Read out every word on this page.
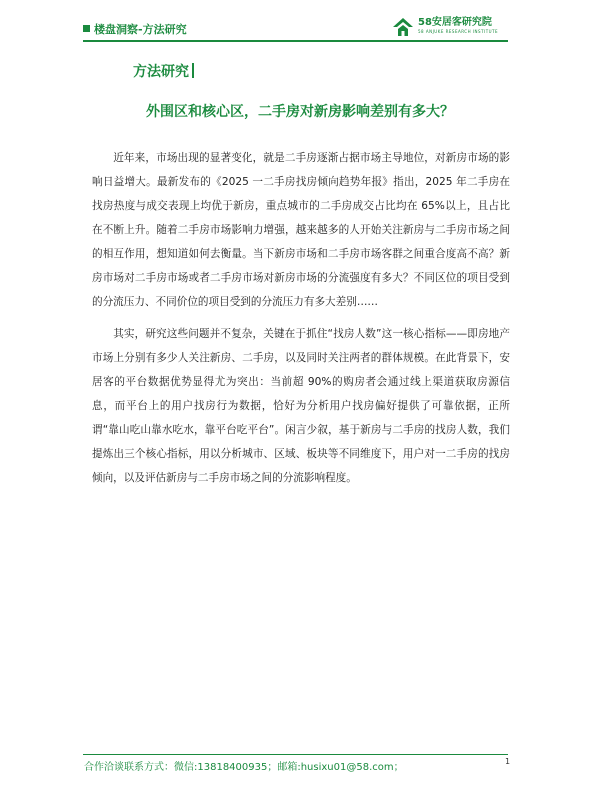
楼盘洞察-方法研究
58安居客研究院
58 ANJUKE RESEARCH INSTITUTE
方法研究
外围区和核心区，二手房对新房影响差别有多大？

近年来，市场出现的显著变化，就是二手房逐渐占据市场主导地位，对新房市场的影响日益增大。最新发布的《2025 一二手房找房倾向趋势年报》指出，2025 年二手房在找房热度与成交表现上均优于新房，重点城市的二手房成交占比均在 65%以上，且占比在不断上升。随着二手房市场影响力增强，越来越多的人开始关注新房与二手房市场之间的相互作用，想知道如何去衡量。当下新房市场和二手房市场客群之间重合度高不高？新房市场对二手房市场或者二手房市场对新房市场的分流强度有多大？不同区位的项目受到的分流压力、不同价位的项目受到的分流压力有多大差别……

其实，研究这些问题并不复杂，关键在于抓住“找房人数”这一核心指标——即房地产市场上分别有多少人关注新房、二手房，以及同时关注两者的群体规模。在此背景下，安居客的平台数据优势显得尤为突出：当前超 90%的购房者会通过线上渠道获取房源信息，而平台上的用户找房行为数据，恰好为分析用户找房偏好提供了可靠依据，正所谓“靠山吃山靠水吃水，靠平台吃平台”。闲言少叙，基于新房与二手房的找房人数，我们提炼出三个核心指标，用以分析城市、区域、板块等不同维度下，用户对一二手房的找房倾向，以及评估新房与二手房市场之间的分流影响程度。

合作洽谈联系方式：微信:13818400935；邮箱:husixu01@58.com；
1
